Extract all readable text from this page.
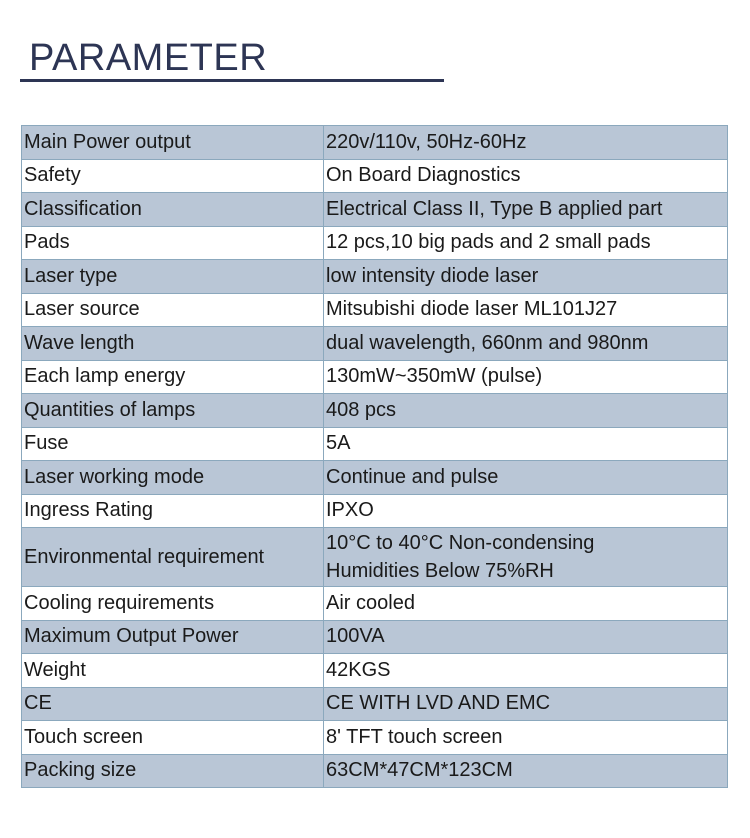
PARAMETER
Main Power output	220v/110v, 50Hz-60Hz
Safety	On Board Diagnostics
Classification	Electrical Class II, Type B applied part
Pads	12 pcs,10 big pads and 2 small pads
Laser type	low intensity diode laser
Laser source	Mitsubishi diode laser ML101J27
Wave length	dual wavelength, 660nm and 980nm
Each lamp energy	130mW~350mW (pulse)
Quantities of lamps	408 pcs
Fuse	5A
Laser working mode	Continue and pulse
Ingress Rating	IPXO
Environmental requirement	10°C to 40°C Non-condensing
Humidities Below 75%RH

Cooling requirements	Air cooled
Maximum Output Power	100VA
Weight	42KGS
CE	CE WITH LVD AND EMC
Touch screen	8' TFT touch screen
Packing size	63CM*47CM*123CM
